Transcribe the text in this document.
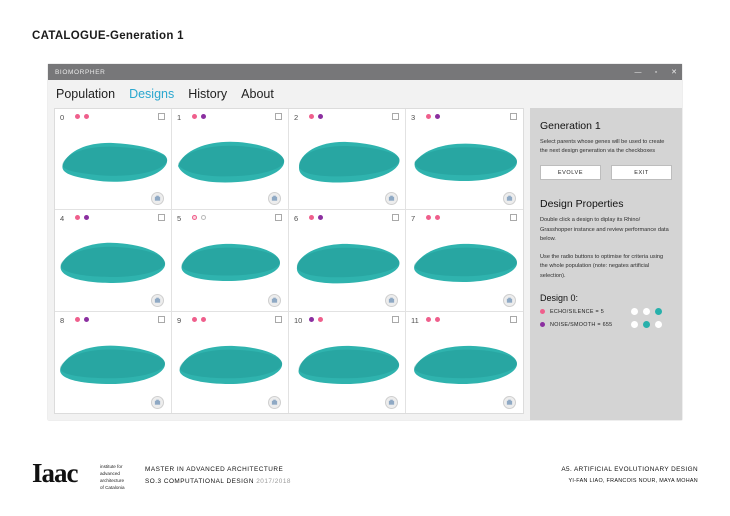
CATALOGUE-Generation 1
BIOMORPHER	—	▫	✕
Population Designs History About
0	1	2	3
4	5	6	7
8	9	10	11
Generation 1

Select parents whose genes will be used to create the next design generation via the checkboxes

EVOLVE	EXIT
Design Properties

Double click a design to diplay its Rhino/ Grasshopper instance and review performance data below.

Use the radio buttons to optimise for criteria using the whole population (note: negates artificial selection).

Design 0:
ECHO/SILENCE = 5
NOISE/SMOOTH = 655
Iaac	institute for
advanced
architecture
of Catalonia
MASTER IN ADVANCED ARCHITECTURE
SO.3 COMPUTATIONAL DESIGN 2017/2018
A5. ARTIFICIAL EVOLUTIONARY DESIGN
YI-FAN LIAO, FRANCOIS NOUR, MAYA MOHAN
